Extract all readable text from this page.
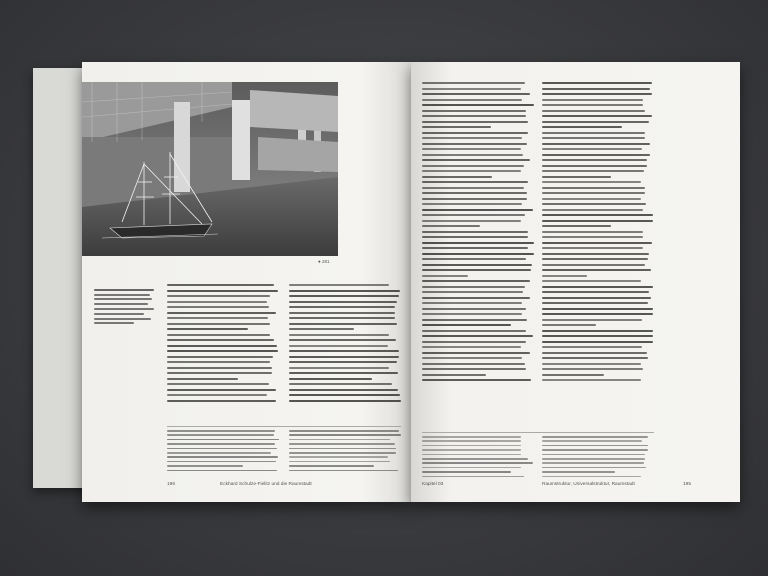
● 281
196	Eckhard Schulze-Fielitz und die Raumstadt	Kapitel 03	Raumstruktur, Universalstruktur, Raumstadt	195
